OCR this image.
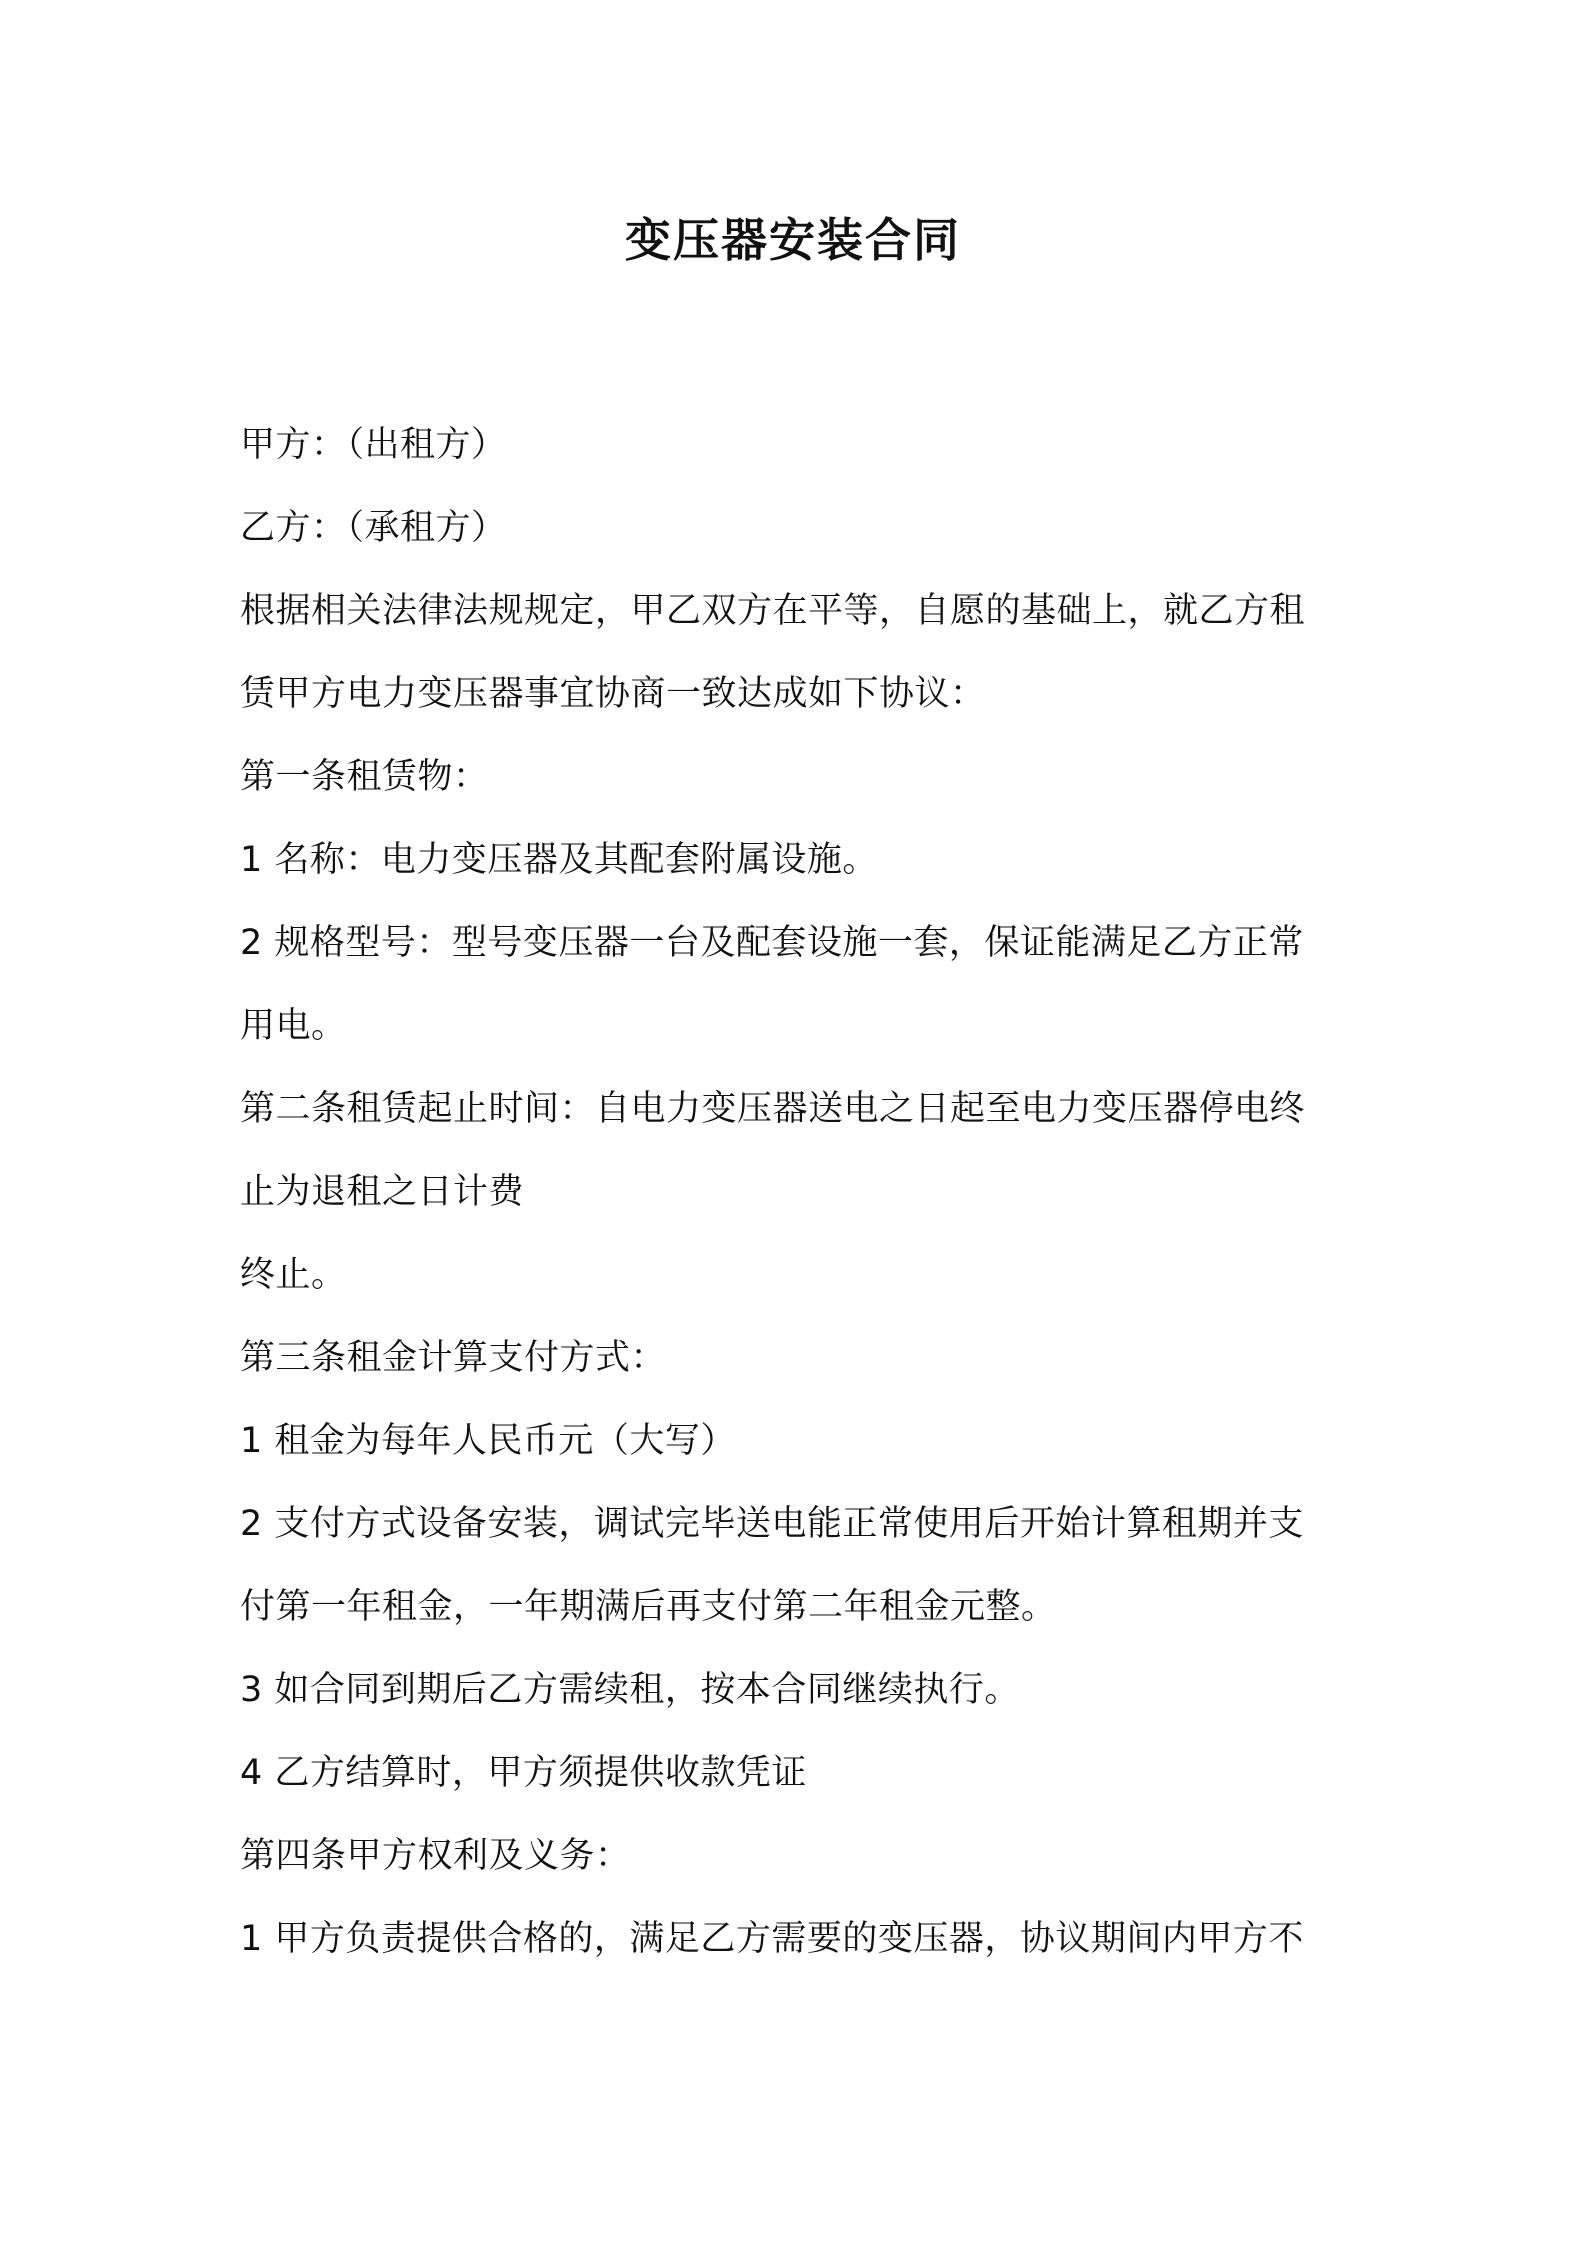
变压器安装合同
甲方：（出租方）
乙方：（承租方）
根据相关法律法规规定，甲乙双方在平等，自愿的基础上，就乙方租
赁甲方电力变压器事宜协商一致达成如下协议：
第一条租赁物：
1 名称：电力变压器及其配套附属设施。
2 规格型号：型号变压器一台及配套设施一套，保证能满足乙方正常
用电。
第二条租赁起止时间：自电力变压器送电之日起至电力变压器停电终
止为退租之日计费
终止。
第三条租金计算支付方式：
1 租金为每年人民币元（大写）
2 支付方式设备安装，调试完毕送电能正常使用后开始计算租期并支
付第一年租金，一年期满后再支付第二年租金元整。
3 如合同到期后乙方需续租，按本合同继续执行。
4 乙方结算时，甲方须提供收款凭证
第四条甲方权利及义务：
1 甲方负责提供合格的，满足乙方需要的变压器，协议期间内甲方不
